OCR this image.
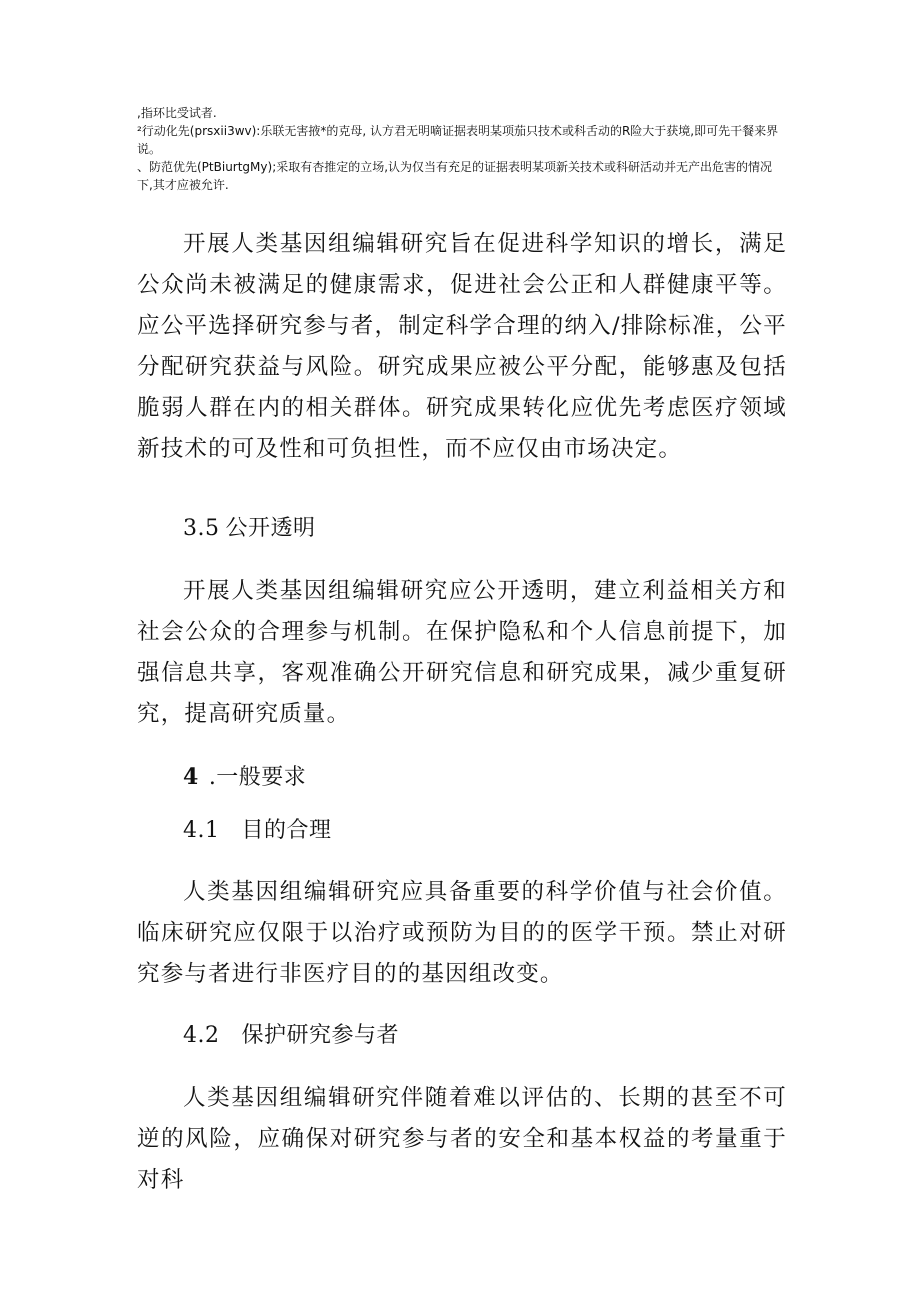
,指环比受试者.

²行动化先(prsxii3wv):乐联无害掖*的克母, 认方君无明嘀证据表明某项茄只技术或科舌动的R险大于获境,即可先干餐来界说。

、防范优先(PtBiurtgMy);采取有杏推定的立场,认为仅当有充足的证据表明某项新关技术或科研活动并无产出危害的情况下,其才应被允许.

开展人类基因组编辑研究旨在促进科学知识的增长，满足公众尚未被满足的健康需求，促进社会公正和人群健康平等。应公平选择研究参与者，制定科学合理的纳入/排除标准，公平分配研究获益与风险。研究成果应被公平分配，能够惠及包括脆弱人群在内的相关群体。研究成果转化应优先考虑医疗领域新技术的可及性和可负担性，而不应仅由市场决定。

3.5 公开透明

开展人类基因组编辑研究应公开透明，建立利益相关方和社会公众的合理参与机制。在保护隐私和个人信息前提下，加强信息共享，客观准确公开研究信息和研究成果，减少重复研究，提高研究质量。

4 .一般要求
4.1 目的合理

人类基因组编辑研究应具备重要的科学价值与社会价值。临床研究应仅限于以治疗或预防为目的的医学干预。禁止对研究参与者进行非医疗目的的基因组改变。

4.2 保护研究参与者

人类基因组编辑研究伴随着难以评估的、长期的甚至不可逆的风险，应确保对研究参与者的安全和基本权益的考量重于对科
